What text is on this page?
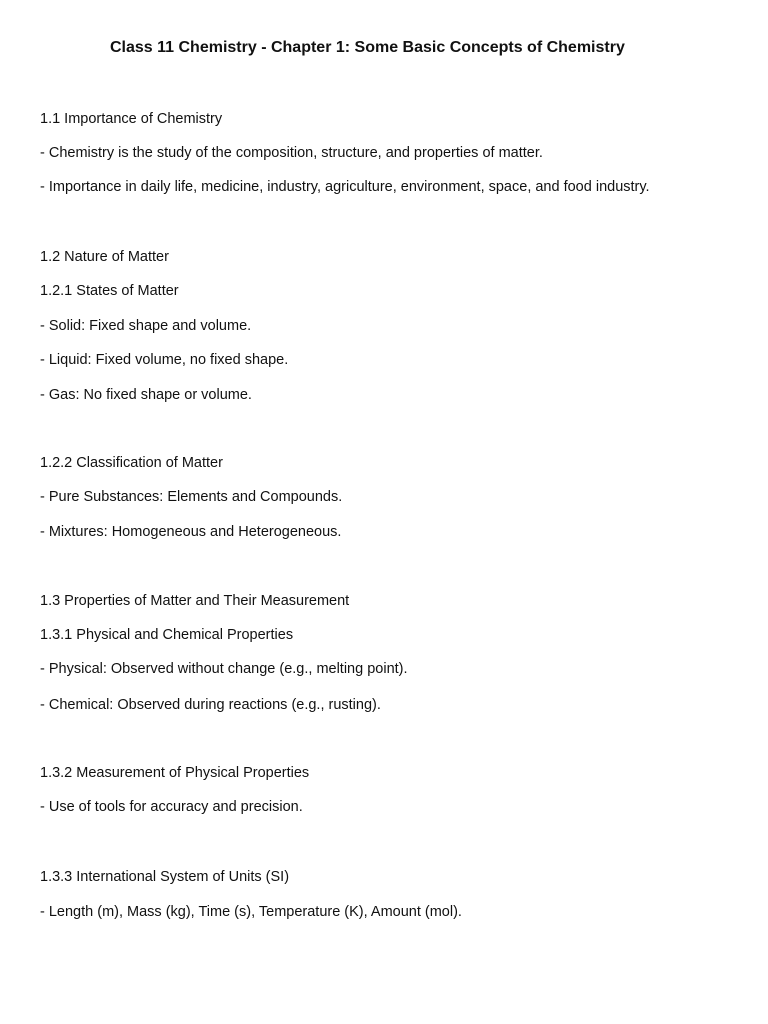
Class 11 Chemistry - Chapter 1: Some Basic Concepts of Chemistry

1.1 Importance of Chemistry

- Chemistry is the study of the composition, structure, and properties of matter.

- Importance in daily life, medicine, industry, agriculture, environment, space, and food industry.

1.2 Nature of Matter

1.2.1 States of Matter

- Solid: Fixed shape and volume.

- Liquid: Fixed volume, no fixed shape.

- Gas: No fixed shape or volume.

1.2.2 Classification of Matter

- Pure Substances: Elements and Compounds.

- Mixtures: Homogeneous and Heterogeneous.

1.3 Properties of Matter and Their Measurement

1.3.1 Physical and Chemical Properties

- Physical: Observed without change (e.g., melting point).

- Chemical: Observed during reactions (e.g., rusting).

1.3.2 Measurement of Physical Properties

- Use of tools for accuracy and precision.

1.3.3 International System of Units (SI)

- Length (m), Mass (kg), Time (s), Temperature (K), Amount (mol).
